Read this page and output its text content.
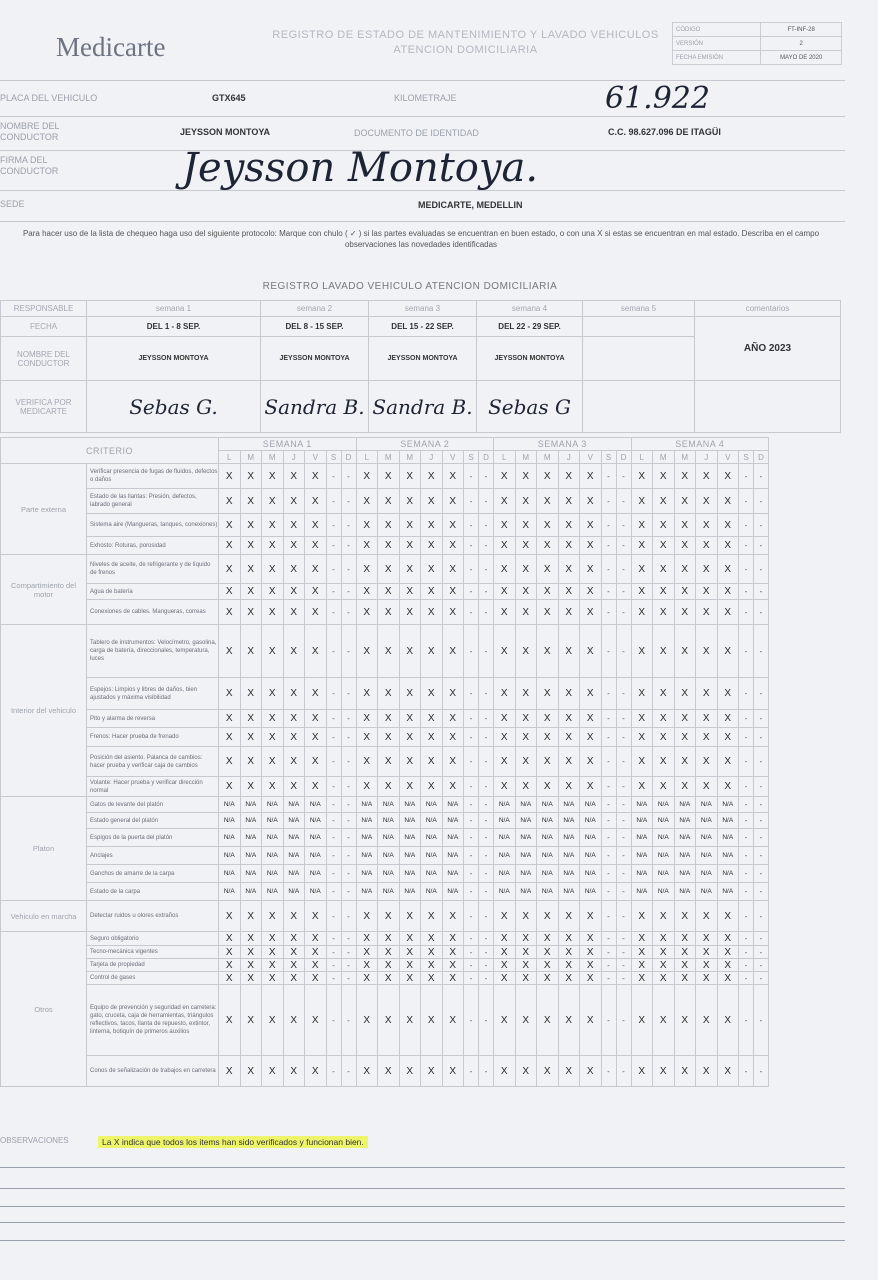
Medicarte	REGISTRO DE ESTADO DE MANTENIMIENTO Y LAVADO VEHICULOS ATENCION DOMICILIARIA
CÓDIGO	FT-INF-28
VERSIÓN	2
FECHA EMISIÓN	MAYO DE 2020
PLACA DEL VEHICULO	GTX645	KILOMETRAJE	61.922
NOMBRE DEL CONDUCTOR	JEYSSON MONTOYA	DOCUMENTO DE IDENTIDAD	C.C. 98.627.096 DE ITAGÜI
FIRMA DEL CONDUCTOR	Jeysson Montoya.
SEDE	MEDICARTE, MEDELLIN
Para hacer uso de la lista de chequeo haga uso del siguiente protocolo: Marque con chulo ( ✓ ) si las partes evaluadas se encuentran en buen estado, o con una X si estas se encuentran en mal estado. Describa en el campo observaciones las novedades identificadas
REGISTRO LAVADO VEHICULO ATENCION DOMICILIARIA
RESPONSABLE	semana 1	semana 2	semana 3	semana 4	semana 5	comentarios
FECHA	DEL 1 - 8 SEP.	DEL 8 - 15 SEP.	DEL 15 - 22 SEP.	DEL 22 - 29 SEP.		AÑO 2023
NOMBRE DEL CONDUCTOR	JEYSSON MONTOYA	JEYSSON MONTOYA	JEYSSON MONTOYA	JEYSSON MONTOYA		
VERIFICA POR MEDICARTE	Sebas G.	Sandra B.	Sandra B.	Sebas G		
CRITERIO		SEMANA 1							SEMANA 2							SEMANA 3							SEMANA 4						
		L	M	M	J	V	S	D	L	M	M	J	V	S	D	L	M	M	J	V	S	D	L	M	M	J	V	S	D
Parte externa	Verificar presencia de fugas de fluidos, defectos o daños	X	X	X	X	X	-	-	X	X	X	X	X	-	-	X	X	X	X	X	-	-	X	X	X	X	X	-	-
	Estado de las llantas: Presión, defectos, labrado general	X	X	X	X	X	-	-	X	X	X	X	X	-	-	X	X	X	X	X	-	-	X	X	X	X	X	-	-
	Sistema aire (Mangueras, tanques, conexiones)	X	X	X	X	X	-	-	X	X	X	X	X	-	-	X	X	X	X	X	-	-	X	X	X	X	X	-	-
	Exhosto: Roturas, porosidad	X	X	X	X	X	-	-	X	X	X	X	X	-	-	X	X	X	X	X	-	-	X	X	X	X	X	-	-
Compartimiento del motor	Niveles de aceite, de refrigerante y de líquido de frenos	X	X	X	X	X	-	-	X	X	X	X	X	-	-	X	X	X	X	X	-	-	X	X	X	X	X	-	-
	Agua de batería	X	X	X	X	X	-	-	X	X	X	X	X	-	-	X	X	X	X	X	-	-	X	X	X	X	X	-	-
	Conexiones de cables. Mangueras, correas	X	X	X	X	X	-	-	X	X	X	X	X	-	-	X	X	X	X	X	-	-	X	X	X	X	X	-	-
Interior del vehiculo	Tablero de instrumentos: Velocímetro, gasolina, carga de batería, direccionales, temperatura, luces	X	X	X	X	X	-	-	X	X	X	X	X	-	-	X	X	X	X	X	-	-	X	X	X	X	X	-	-
	Espejos: Limpios y libres de daños, bien ajustados y máxima visibilidad	X	X	X	X	X	-	-	X	X	X	X	X	-	-	X	X	X	X	X	-	-	X	X	X	X	X	-	-
	Pito y alarma de reversa	X	X	X	X	X	-	-	X	X	X	X	X	-	-	X	X	X	X	X	-	-	X	X	X	X	X	-	-
	Frenos: Hacer prueba de frenado	X	X	X	X	X	-	-	X	X	X	X	X	-	-	X	X	X	X	X	-	-	X	X	X	X	X	-	-
	Posición del asiento. Palanca de cambios: hacer prueba y verificar caja de cambios	X	X	X	X	X	-	-	X	X	X	X	X	-	-	X	X	X	X	X	-	-	X	X	X	X	X	-	-
	Volante: Hacer prueba y verificar dirección normal	X	X	X	X	X	-	-	X	X	X	X	X	-	-	X	X	X	X	X	-	-	X	X	X	X	X	-	-
Platon	Gatos de levante del platón	N/A	N/A	N/A	N/A	N/A	-	-	N/A	N/A	N/A	N/A	N/A	-	-	N/A	N/A	N/A	N/A	N/A	-	-	N/A	N/A	N/A	N/A	N/A	-	-
	Estado general del platón	N/A	N/A	N/A	N/A	N/A	-	-	N/A	N/A	N/A	N/A	N/A	-	-	N/A	N/A	N/A	N/A	N/A	-	-	N/A	N/A	N/A	N/A	N/A	-	-
	Espigos de la puerta del platón	N/A	N/A	N/A	N/A	N/A	-	-	N/A	N/A	N/A	N/A	N/A	-	-	N/A	N/A	N/A	N/A	N/A	-	-	N/A	N/A	N/A	N/A	N/A	-	-
	Anclajes	N/A	N/A	N/A	N/A	N/A	-	-	N/A	N/A	N/A	N/A	N/A	-	-	N/A	N/A	N/A	N/A	N/A	-	-	N/A	N/A	N/A	N/A	N/A	-	-
	Ganchos de amarre de la carpa	N/A	N/A	N/A	N/A	N/A	-	-	N/A	N/A	N/A	N/A	N/A	-	-	N/A	N/A	N/A	N/A	N/A	-	-	N/A	N/A	N/A	N/A	N/A	-	-
	Estado de la carpa	N/A	N/A	N/A	N/A	N/A	-	-	N/A	N/A	N/A	N/A	N/A	-	-	N/A	N/A	N/A	N/A	N/A	-	-	N/A	N/A	N/A	N/A	N/A	-	-
Vehiculo en marcha	Detectar ruidos u olores extraños	X	X	X	X	X	-	-	X	X	X	X	X	-	-	X	X	X	X	X	-	-	X	X	X	X	X	-	-
Otros	Seguro obligatorio	X	X	X	X	X	-	-	X	X	X	X	X	-	-	X	X	X	X	X	-	-	X	X	X	X	X	-	-
	Tecno-mecánica vigentes	X	X	X	X	X	-	-	X	X	X	X	X	-	-	X	X	X	X	X	-	-	X	X	X	X	X	-	-
	Tarjeta de propiedad	X	X	X	X	X	-	-	X	X	X	X	X	-	-	X	X	X	X	X	-	-	X	X	X	X	X	-	-
	Control de gases	X	X	X	X	X	-	-	X	X	X	X	X	-	-	X	X	X	X	X	-	-	X	X	X	X	X	-	-
	Equipo de prevención y seguridad en carretera: gato, cruceta, caja de herramientas, triángulos reflectivos, tacos, llanta de repuesto, extintor, linterna, botiquín de primeros auxilios	X	X	X	X	X	-	-	X	X	X	X	X	-	-	X	X	X	X	X	-	-	X	X	X	X	X	-	-
	Conos de señalización de trabajos en carretera	X	X	X	X	X	-	-	X	X	X	X	X	-	-	X	X	X	X	X	-	-	X	X	X	X	X	-	-
OBSERVACIONES	La X indica que todos los items han sido verificados y funcionan bien.
